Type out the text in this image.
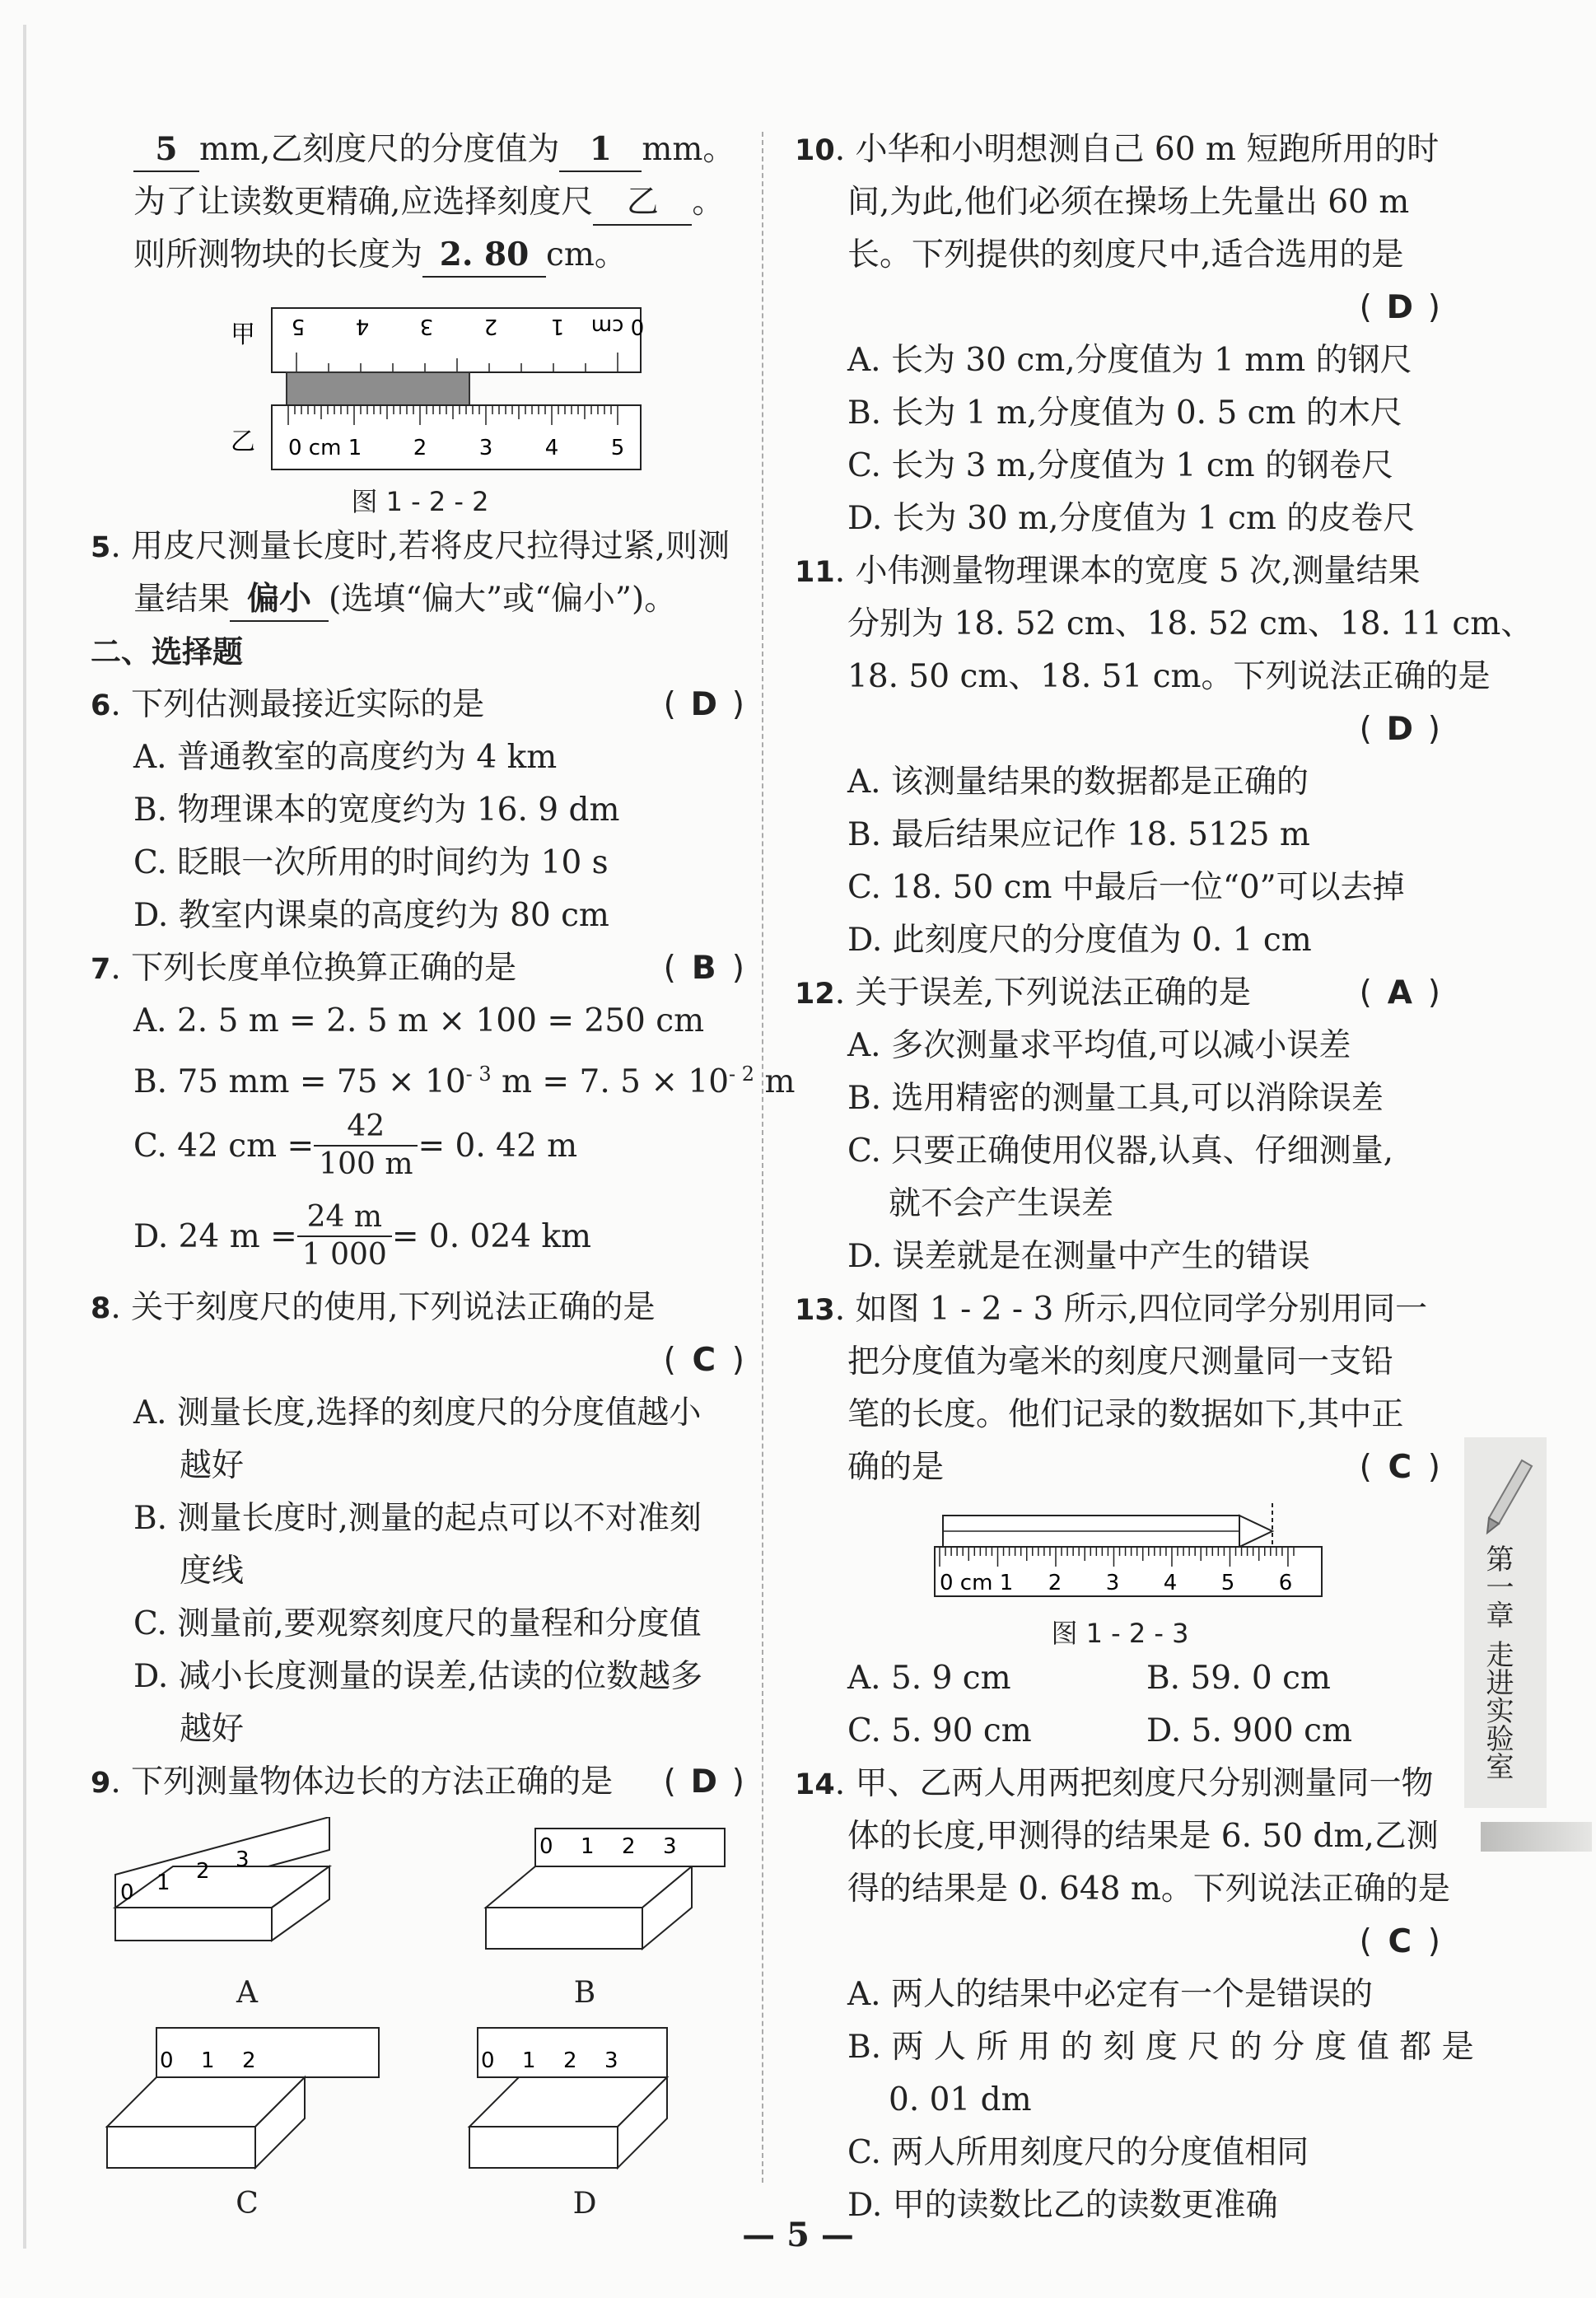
5 mm,乙刻度尺的分度值为 1 mm。
为了让读数更精确,应选择刻度尺 乙 。
则所测物块的长度为 2. 80 cm。
甲	0 cm
1
2
3
4
5
乙 0 cm 1 2 3 4 5
图 1 - 2 - 2
5. 用皮尺测量长度时,若将皮尺拉得过紧,则测
量结果 偏小 (选填“偏大”或“偏小”)。
二、选择题
6. 下列估测最接近实际的是	( D )
A. 普通教室的高度约为 4 km
B. 物理课本的宽度约为 16. 9 dm
C. 眨眼一次所用的时间约为 10 s
D. 教室内课桌的高度约为 80 cm
7. 下列长度单位换算正确的是	( B )
A. 2. 5 m = 2. 5 m × 100 = 250 cm
B. 75 mm = $75 \times 10^{- 3}$ m = 7. $5 \times 10^{- 2}$ m
C. 42 cm = $\frac{42}{100 m} = 0$. 42 m
D. 24 $m = \frac{24 m}{1 000} = 0$. 024 km
8. 关于刻度尺的使用,下列说法正确的是
( C )
A. 测量长度,选择的刻度尺的分度值越小
越好
B. 测量长度时,测量的起点可以不对准刻
度线
C. 测量前,要观察刻度尺的量程和分度值
D. 减小长度测量的误差,估读的位数越多
越好
9. 下列测量物体边长的方法正确的是 ( D )
0 1 2 3
A
0 1 2 3
B
0 1 2
C
0 1 2 3
D
10. 小华和小明想测自己 60 m 短跑所用的时
间,为此,他们必须在操场上先量出 60 m
长。下列提供的刻度尺中,适合选用的是
( D )
A. 长为 30 cm,分度值为 1 mm 的钢尺
B. 长为 1 m,分度值为 0. 5 cm 的木尺
C. 长为 3 m,分度值为 1 cm 的钢卷尺
D. 长为 30 m,分度值为 1 cm 的皮卷尺
11. 小伟测量物理课本的宽度 5 次,测量结果
分别为 18. 52 cm、18. 52 cm、18. 11 cm、
18. 50 cm、18. 51 cm。下列说法正确的是
( D )
A. 该测量结果的数据都是正确的
B. 最后结果应记作 18. 5125 m
C. 18. 50 cm 中最后一位“0”可以去掉
D. 此刻度尺的分度值为 0. 1 cm
12. 关于误差,下列说法正确的是	( A )
A. 多次测量求平均值,可以减小误差
B. 选用精密的测量工具,可以消除误差
C. 只要正确使用仪器,认真、仔细测量,
就不会产生误差
D. 误差就是在测量中产生的错误
13. 如图 1 - 2 - 3 所示,四位同学分别用同一
把分度值为毫米的刻度尺测量同一支铅
笔的长度。他们记录的数据如下,其中正
确的是	( C )
0 cm 1 2 3 4 5 6
图 1 - 2 - 3
A. 5. 9 cm	B. 59. 0 cm
C. 5. 90 cm	D. 5. 900 cm
14. 甲、乙两人用两把刻度尺分别测量同一物
体的长度,甲测得的结果是 6. 50 dm,乙测
得的结果是 0. 648 m。下列说法正确的是
( C )
A. 两人的结果中必定有一个是错误的
B. 两 人 所 用 的 刻 度 尺 的 分 度 值 都 是
0. 01 dm
C. 两人所用刻度尺的分度值相同
D. 甲的读数比乙的读数更准确
第一章
走进实验室
— 5 —
